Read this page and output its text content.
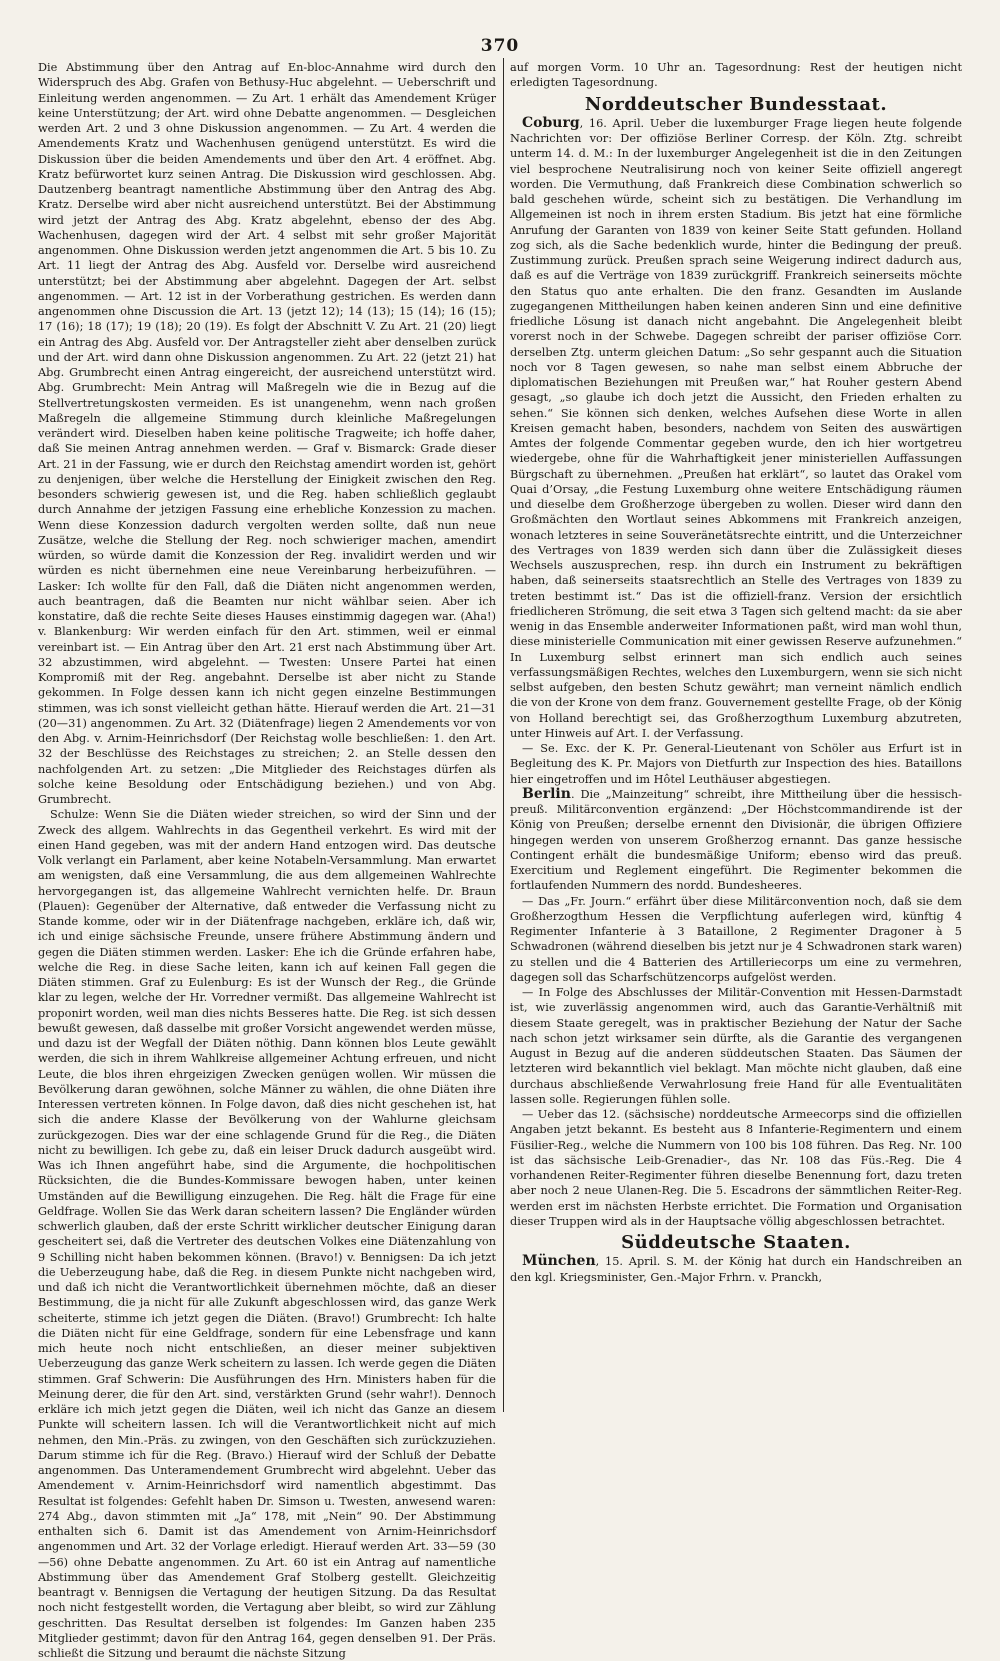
370

Die Abstimmung über den Antrag auf En-bloc-Annahme wird durch den Widerspruch des Abg. Grafen von Bethusy-Huc abgelehnt. — Ueberschrift und Einleitung werden angenommen. — Zu Art. 1 erhält das Amendement Krüger keine Unterstützung; der Art. wird ohne Debatte angenommen. — Desgleichen werden Art. 2 und 3 ohne Diskussion angenommen. — Zu Art. 4 werden die Amendements Kratz und Wachenhusen genügend unterstützt. Es wird die Diskussion über die beiden Amendements und über den Art. 4 eröffnet. Abg. Kratz befürwortet kurz seinen Antrag. Die Diskussion wird geschlossen. Abg. Dautzenberg beantragt namentliche Abstimmung über den Antrag des Abg. Kratz. Derselbe wird aber nicht ausreichend unterstützt. Bei der Abstimmung wird jetzt der Antrag des Abg. Kratz abgelehnt, ebenso der des Abg. Wachenhusen, dagegen wird der Art. 4 selbst mit sehr großer Majorität angenommen. Ohne Diskussion werden jetzt angenommen die Art. 5 bis 10. Zu Art. 11 liegt der Antrag des Abg. Ausfeld vor. Derselbe wird ausreichend unterstützt; bei der Abstimmung aber abgelehnt. Dagegen der Art. selbst angenommen. — Art. 12 ist in der Vorberathung gestrichen. Es werden dann angenommen ohne Discussion die Art. 13 (jetzt 12); 14 (13); 15 (14); 16 (15); 17 (16); 18 (17); 19 (18); 20 (19). Es folgt der Abschnitt V. Zu Art. 21 (20) liegt ein Antrag des Abg. Ausfeld vor. Der Antragsteller zieht aber denselben zurück und der Art. wird dann ohne Diskussion angenommen. Zu Art. 22 (jetzt 21) hat Abg. Grumbrecht einen Antrag eingereicht, der ausreichend unterstützt wird. Abg. Grumbrecht: Mein Antrag will Maßregeln wie die in Bezug auf die Stellvertretungskosten vermeiden. Es ist unangenehm, wenn nach großen Maßregeln die allgemeine Stimmung durch kleinliche Maßregelungen verändert wird. Dieselben haben keine politische Tragweite; ich hoffe daher, daß Sie meinen Antrag annehmen werden. — Graf v. Bismarck: Grade dieser Art. 21 in der Fassung, wie er durch den Reichstag amendirt worden ist, gehört zu denjenigen, über welche die Herstellung der Einigkeit zwischen den Reg. besonders schwierig gewesen ist, und die Reg. haben schließlich geglaubt durch Annahme der jetzigen Fassung eine erhebliche Konzession zu machen. Wenn diese Konzession dadurch vergolten werden sollte, daß nun neue Zusätze, welche die Stellung der Reg. noch schwieriger machen, amendirt würden, so würde damit die Konzession der Reg. invalidirt werden und wir würden es nicht übernehmen eine neue Vereinbarung herbeizuführen. — Lasker: Ich wollte für den Fall, daß die Diäten nicht angenommen werden, auch beantragen, daß die Beamten nur nicht wählbar seien. Aber ich konstatire, daß die rechte Seite dieses Hauses einstimmig dagegen war. (Aha!) v. Blankenburg: Wir werden einfach für den Art. stimmen, weil er einmal vereinbart ist. — Ein Antrag über den Art. 21 erst nach Abstimmung über Art. 32 abzustimmen, wird abgelehnt. — Twesten: Unsere Partei hat einen Kompromiß mit der Reg. angebahnt. Derselbe ist aber nicht zu Stande gekommen. In Folge dessen kann ich nicht gegen einzelne Bestimmungen stimmen, was ich sonst vielleicht gethan hätte. Hierauf werden die Art. 21—31 (20—31) angenommen. Zu Art. 32 (Diätenfrage) liegen 2 Amendements vor von den Abg. v. Arnim-Heinrichsdorf (Der Reichstag wolle beschließen: 1. den Art. 32 der Beschlüsse des Reichstages zu streichen; 2. an Stelle dessen den nachfolgenden Art. zu setzen: „Die Mitglieder des Reichstages dürfen als solche keine Besoldung oder Entschädigung beziehen.) und von Abg. Grumbrecht.

Schulze: Wenn Sie die Diäten wieder streichen, so wird der Sinn und der Zweck des allgem. Wahlrechts in das Gegentheil verkehrt. Es wird mit der einen Hand gegeben, was mit der andern Hand entzogen wird. Das deutsche Volk verlangt ein Parlament, aber keine Notabeln-Versammlung. Man erwartet am wenigsten, daß eine Versammlung, die aus dem allgemeinen Wahlrechte hervorgegangen ist, das allgemeine Wahlrecht vernichten helfe. Dr. Braun (Plauen): Gegenüber der Alternative, daß entweder die Verfassung nicht zu Stande komme, oder wir in der Diätenfrage nachgeben, erkläre ich, daß wir, ich und einige sächsische Freunde, unsere frühere Abstimmung ändern und gegen die Diäten stimmen werden. Lasker: Ehe ich die Gründe erfahren habe, welche die Reg. in diese Sache leiten, kann ich auf keinen Fall gegen die Diäten stimmen. Graf zu Eulenburg: Es ist der Wunsch der Reg., die Gründe klar zu legen, welche der Hr. Vorredner vermißt. Das allgemeine Wahlrecht ist proponirt worden, weil man dies nichts Besseres hatte. Die Reg. ist sich dessen bewußt gewesen, daß dasselbe mit großer Vorsicht angewendet werden müsse, und dazu ist der Wegfall der Diäten nöthig. Dann können blos Leute gewählt werden, die sich in ihrem Wahlkreise allgemeiner Achtung erfreuen, und nicht Leute, die blos ihren ehrgeizigen Zwecken genügen wollen. Wir müssen die Bevölkerung daran gewöhnen, solche Männer zu wählen, die ohne Diäten ihre Interessen vertreten können. In Folge davon, daß dies nicht geschehen ist, hat sich die andere Klasse der Bevölkerung von der Wahlurne gleichsam zurückgezogen. Dies war der eine schlagende Grund für die Reg., die Diäten nicht zu bewilligen. Ich gebe zu, daß ein leiser Druck dadurch ausgeübt wird. Was ich Ihnen angeführt habe, sind die Argumente, die hochpolitischen Rücksichten, die die Bundes-Kommissare bewogen haben, unter keinen Umständen auf die Bewilligung einzugehen. Die Reg. hält die Frage für eine Geldfrage. Wollen Sie das Werk daran scheitern lassen? Die Engländer würden schwerlich glauben, daß der erste Schritt wirklicher deutscher Einigung daran gescheitert sei, daß die Vertreter des deutschen Volkes eine Diätenzahlung von 9 Schilling nicht haben bekommen können. (Bravo!) v. Bennigsen: Da ich jetzt die Ueberzeugung habe, daß die Reg. in diesem Punkte nicht nachgeben wird, und daß ich nicht die Verantwortlichkeit übernehmen möchte, daß an dieser Bestimmung, die ja nicht für alle Zukunft abgeschlossen wird, das ganze Werk scheiterte, stimme ich jetzt gegen die Diäten. (Bravo!) Grumbrecht: Ich halte die Diäten nicht für eine Geldfrage, sondern für eine Lebensfrage und kann mich heute noch nicht entschließen, an dieser meiner subjektiven Ueberzeugung das ganze Werk scheitern zu lassen. Ich werde gegen die Diäten stimmen. Graf Schwerin: Die Ausführungen des Hrn. Ministers haben für die Meinung derer, die für den Art. sind, verstärkten Grund (sehr wahr!). Dennoch erkläre ich mich jetzt gegen die Diäten, weil ich nicht das Ganze an diesem Punkte will scheitern lassen. Ich will die Verantwortlichkeit nicht auf mich nehmen, den Min.-Präs. zu zwingen, von den Geschäften sich zurückzuziehen. Darum stimme ich für die Reg. (Bravo.) Hierauf wird der Schluß der Debatte angenommen. Das Unteramendement Grumbrecht wird abgelehnt. Ueber das Amendement v. Arnim-Heinrichsdorf wird namentlich abgestimmt. Das Resultat ist folgendes: Gefehlt haben Dr. Simson u. Twesten, anwesend waren: 274 Abg., davon stimmten mit „Ja“ 178, mit „Nein“ 90. Der Abstimmung enthalten sich 6. Damit ist das Amendement von Arnim-Heinrichsdorf angenommen und Art. 32 der Vorlage erledigt. Hierauf werden Art. 33—59 (30—56) ohne Debatte angenommen. Zu Art. 60 ist ein Antrag auf namentliche Abstimmung über das Amendement Graf Stolberg gestellt. Gleichzeitig beantragt v. Bennigsen die Vertagung der heutigen Sitzung. Da das Resultat noch nicht festgestellt worden, die Vertagung aber bleibt, so wird zur Zählung geschritten. Das Resultat derselben ist folgendes: Im Ganzen haben 235 Mitglieder gestimmt; davon für den Antrag 164, gegen denselben 91. Der Präs. schließt die Sitzung und beraumt die nächste Sitzung

auf morgen Vorm. 10 Uhr an. Tagesordnung: Rest der heutigen nicht erledigten Tagesordnung.

Norddeutscher Bundesstaat.

Coburg, 16. April. Ueber die luxemburger Frage liegen heute folgende Nachrichten vor: Der offiziöse Berliner Corresp. der Köln. Ztg. schreibt unterm 14. d. M.: In der luxemburger Angelegenheit ist die in den Zeitungen viel besprochene Neutralisirung noch von keiner Seite offiziell angeregt worden. Die Vermuthung, daß Frankreich diese Combination schwerlich so bald geschehen würde, scheint sich zu bestätigen. Die Verhandlung im Allgemeinen ist noch in ihrem ersten Stadium. Bis jetzt hat eine förmliche Anrufung der Garanten von 1839 von keiner Seite Statt gefunden. Holland zog sich, als die Sache bedenklich wurde, hinter die Bedingung der preuß. Zustimmung zurück. Preußen sprach seine Weigerung indirect dadurch aus, daß es auf die Verträge von 1839 zurückgriff. Frankreich seinerseits möchte den Status quo ante erhalten. Die den franz. Gesandten im Auslande zugegangenen Mittheilungen haben keinen anderen Sinn und eine definitive friedliche Lösung ist danach nicht angebahnt. Die Angelegenheit bleibt vorerst noch in der Schwebe. Dagegen schreibt der pariser offiziöse Corr. derselben Ztg. unterm gleichen Datum: „So sehr gespannt auch die Situation noch vor 8 Tagen gewesen, so nahe man selbst einem Abbruche der diplomatischen Beziehungen mit Preußen war,“ hat Rouher gestern Abend gesagt, „so glaube ich doch jetzt die Aussicht, den Frieden erhalten zu sehen.“ Sie können sich denken, welches Aufsehen diese Worte in allen Kreisen gemacht haben, besonders, nachdem von Seiten des auswärtigen Amtes der folgende Commentar gegeben wurde, den ich hier wortgetreu wiedergebe, ohne für die Wahrhaftigkeit jener ministeriellen Auffassungen Bürgschaft zu übernehmen. „Preußen hat erklärt“, so lautet das Orakel vom Quai d’Orsay, „die Festung Luxemburg ohne weitere Entschädigung räumen und dieselbe dem Großherzoge übergeben zu wollen. Dieser wird dann den Großmächten den Wortlaut seines Abkommens mit Frankreich anzeigen, wonach letzteres in seine Souveränetätsrechte eintritt, und die Unterzeichner des Vertrages von 1839 werden sich dann über die Zulässigkeit dieses Wechsels auszusprechen, resp. ihn durch ein Instrument zu bekräftigen haben, daß seinerseits staatsrechtlich an Stelle des Vertrages von 1839 zu treten bestimmt ist.“ Das ist die offiziell-franz. Version der ersichtlich friedlicheren Strömung, die seit etwa 3 Tagen sich geltend macht: da sie aber wenig in das Ensemble anderweiter Informationen paßt, wird man wohl thun, diese ministerielle Communication mit einer gewissen Reserve aufzunehmen.“ In Luxemburg selbst erinnert man sich endlich auch seines verfassungsmäßigen Rechtes, welches den Luxemburgern, wenn sie sich nicht selbst aufgeben, den besten Schutz gewährt; man verneint nämlich endlich die von der Krone von dem franz. Gouvernement gestellte Frage, ob der König von Holland berechtigt sei, das Großherzogthum Luxemburg abzutreten, unter Hinweis auf Art. I. der Verfassung.

— Se. Exc. der K. Pr. General-Lieutenant von Schöler aus Erfurt ist in Begleitung des K. Pr. Majors von Dietfurth zur Inspection des hies. Bataillons hier eingetroffen und im Hôtel Leuthäuser abgestiegen.

Berlin. Die „Mainzeitung“ schreibt, ihre Mittheilung über die hessisch-preuß. Militärconvention ergänzend: „Der Höchstcommandirende ist der König von Preußen; derselbe ernennt den Divisionär, die übrigen Offiziere hingegen werden von unserem Großherzog ernannt. Das ganze hessische Contingent erhält die bundesmäßige Uniform; ebenso wird das preuß. Exercitium und Reglement eingeführt. Die Regimenter bekommen die fortlaufenden Nummern des nordd. Bundesheeres.

— Das „Fr. Journ.“ erfährt über diese Militärconvention noch, daß sie dem Großherzogthum Hessen die Verpflichtung auferlegen wird, künftig 4 Regimenter Infanterie à 3 Bataillone, 2 Regimenter Dragoner à 5 Schwadronen (während dieselben bis jetzt nur je 4 Schwadronen stark waren) zu stellen und die 4 Batterien des Artilleriecorps um eine zu vermehren, dagegen soll das Scharfschützencorps aufgelöst werden.

— In Folge des Abschlusses der Militär-Convention mit Hessen-Darmstadt ist, wie zuverlässig angenommen wird, auch das Garantie-Verhältniß mit diesem Staate geregelt, was in praktischer Beziehung der Natur der Sache nach schon jetzt wirksamer sein dürfte, als die Garantie des vergangenen August in Bezug auf die anderen süddeutschen Staaten. Das Säumen der letzteren wird bekanntlich viel beklagt. Man möchte nicht glauben, daß eine durchaus abschließende Verwahrlosung freie Hand für alle Eventualitäten lassen solle. Regierungen fühlen solle.

— Ueber das 12. (sächsische) norddeutsche Armeecorps sind die offiziellen Angaben jetzt bekannt. Es besteht aus 8 Infanterie-Regimentern und einem Füsilier-Reg., welche die Nummern von 100 bis 108 führen. Das Reg. Nr. 100 ist das sächsische Leib-Grenadier-, das Nr. 108 das Füs.-Reg. Die 4 vorhandenen Reiter-Regimenter führen dieselbe Benennung fort, dazu treten aber noch 2 neue Ulanen-Reg. Die 5. Escadrons der sämmtlichen Reiter-Reg. werden erst im nächsten Herbste errichtet. Die Formation und Organisation dieser Truppen wird als in der Hauptsache völlig abgeschlossen betrachtet.

Süddeutsche Staaten.

München, 15. April. S. M. der König hat durch ein Handschreiben an den kgl. Kriegsminister, Gen.-Major Frhrn. v. Pranckh,
